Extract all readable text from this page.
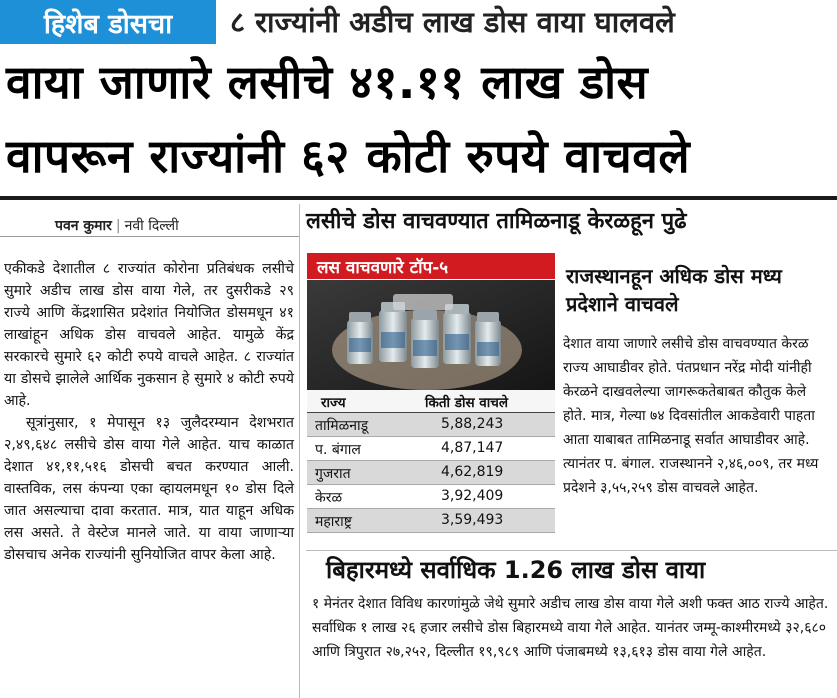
हिशेब डोसचा	८ राज्यांनी अडीच लाख डोस वाया घालवले
वाया जाणारे लसीचे ४१.११ लाख डोस
वापरून राज्यांनी ६२ कोटी रुपये वाचवले
पवन कुमार | नवी दिल्ली	लसीचे डोस वाचवण्यात तामिळनाडू केरळहून पुढे

एकीकडे देशातील ८ राज्यांत कोरोना प्रतिबंधक लसीचे सुमारे अडीच लाख डोस वाया गेले, तर दुसरीकडे २९ राज्ये आणि केंद्रशासित प्रदेशांत नियोजित डोसमधून ४१ लाखांहून अधिक डोस वाचवले आहेत. यामुळे केंद्र सरकारचे सुमारे ६२ कोटी रुपये वाचले आहेत. ८ राज्यांत या डोसचे झालेले आर्थिक नुकसान हे सुमारे ४ कोटी रुपये आहे.

सूत्रांनुसार, १ मेपासून १३ जुलैदरम्यान देशभरात २,४९,६४८ लसीचे डोस वाया गेले आहेत. याच काळात देशात ४१,११,५१६ डोसची बचत करण्यात आली. वास्तविक, लस कंपन्या एका व्हायलमधून १० डोस दिले जात असल्याचा दावा करतात. मात्र, यात याहून अधिक लस असते. ते वेस्टेज मानले जाते. या वाया जाणाऱ्या डोसचाच अनेक राज्यांनी सुनियोजित वापर केला आहे.

लस वाचवणारे टॉप-५
राज्य	किती डोस वाचले
तामिळनाडू	5,88,243
प. बंगाल	4,87,147
गुजरात	4,62,819
केरळ	3,92,409
महाराष्ट्र	3,59,493
राजस्थानहून अधिक डोस मध्य प्रदेशाने वाचवले
देशात वाया जाणारे लसीचे डोस वाचवण्यात केरळ राज्य आघाडीवर होते. पंतप्रधान नरेंद्र मोदी यांनीही केरळने दाखवलेल्या जागरूकतेबाबत कौतुक केले होते. मात्र, गेल्या ७४ दिवसांतील आकडेवारी पाहता आता याबाबत तामिळनाडू सर्वात आघाडीवर आहे. त्यानंतर प. बंगाल. राजस्थानने २,४६,००९, तर मध्य प्रदेशने ३,५५,२५९ डोस वाचवले आहेत.
बिहारमध्ये सर्वाधिक 1.26 लाख डोस वाया
१ मेनंतर देशात विविध कारणांमुळे जेथे सुमारे अडीच लाख डोस वाया गेले अशी फक्त आठ राज्ये आहेत. सर्वाधिक १ लाख २६ हजार लसीचे डोस बिहारमध्ये वाया गेले आहेत. यानंतर जम्मू-काश्मीरमध्ये ३२,६८० आणि त्रिपुरात २७,२५२, दिल्लीत १९,९८९ आणि पंजाबमध्ये १३,६१३ डोस वाया गेले आहेत.
